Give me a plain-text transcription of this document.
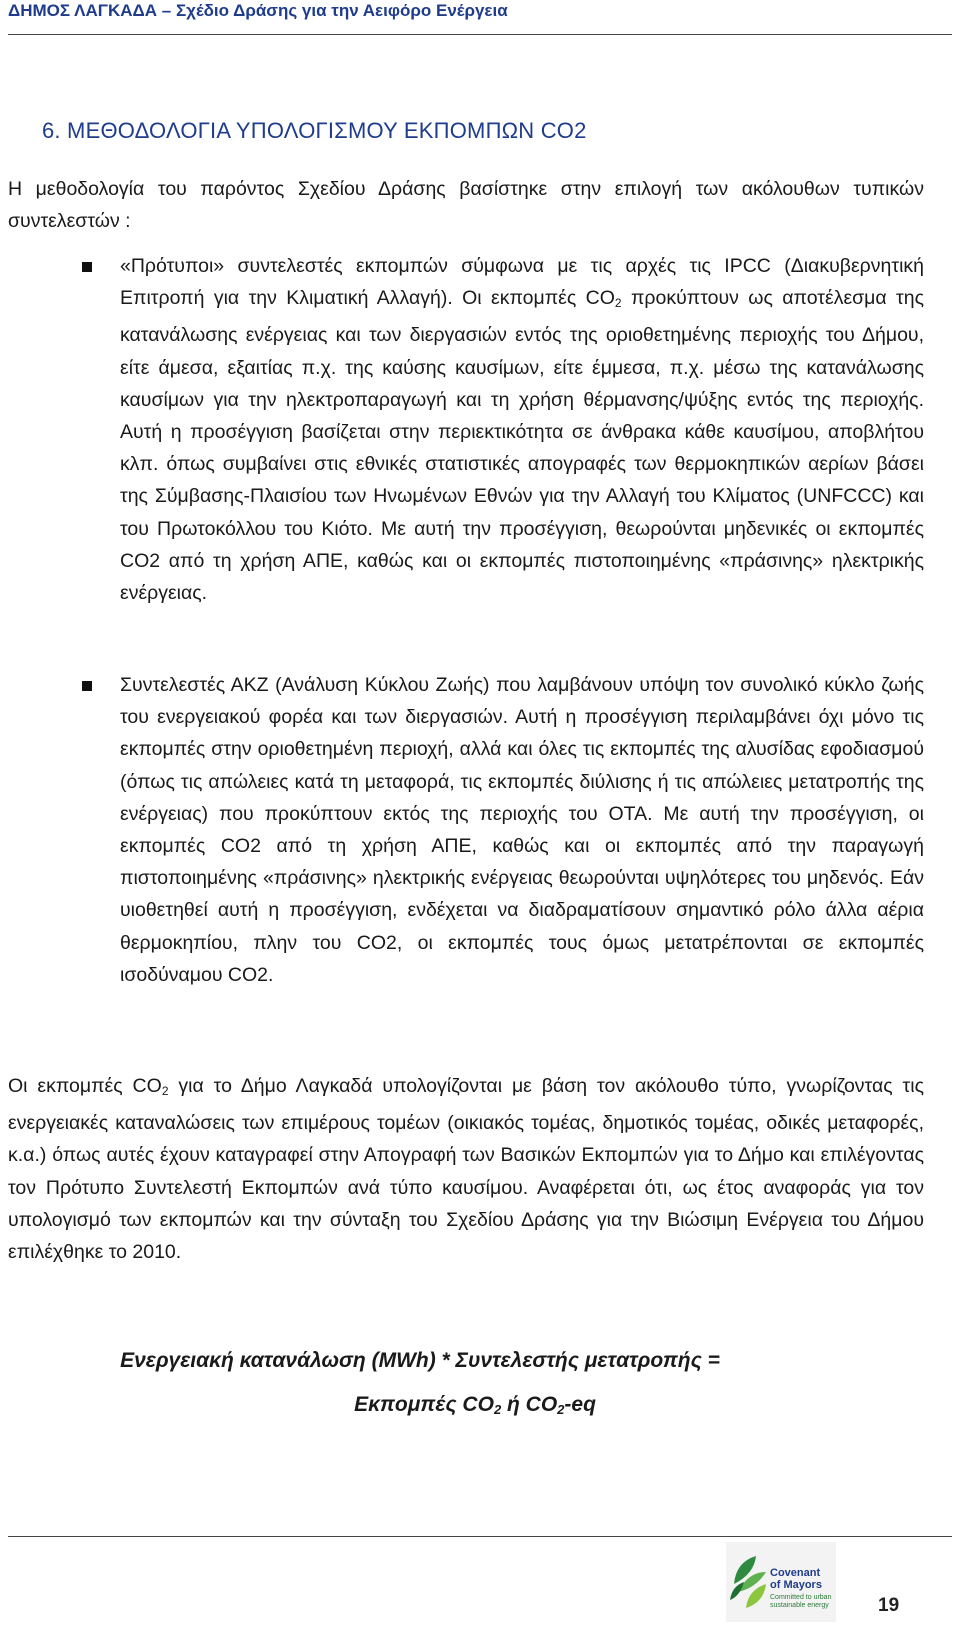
ΔΗΜΟΣ ΛΑΓΚΑΔΑ – Σχέδιο Δράσης για την Αειφόρο Ενέργεια
6. ΜΕΘΟΔΟΛΟΓΙΑ ΥΠΟΛΟΓΙΣΜΟΥ ΕΚΠΟΜΠΩΝ CO2
Η μεθοδολογία του παρόντος Σχεδίου Δράσης βασίστηκε στην επιλογή των ακόλουθων τυπικών συντελεστών :
«Πρότυποι» συντελεστές εκπομπών σύμφωνα με τις αρχές τις IPCC (Διακυβερνητική Επιτροπή για την Κλιματική Αλλαγή). Οι εκπομπές $CO_2$ προκύπτουν ως αποτέλεσμα της κατανάλωσης ενέργειας και των διεργασιών εντός της οριοθετημένης περιοχής του Δήμου, είτε άμεσα, εξαιτίας π.χ. της καύσης καυσίμων, είτε έμμεσα, π.χ. μέσω της κατανάλωσης καυσίμων για την ηλεκτροπαραγωγή και τη χρήση θέρμανσης/ψύξης εντός της περιοχής. Αυτή η προσέγγιση βασίζεται στην περιεκτικότητα σε άνθρακα κάθε καυσίμου, αποβλήτου κλπ. όπως συμβαίνει στις εθνικές στατιστικές απογραφές των θερμοκηπικών αερίων βάσει της Σύμβασης-Πλαισίου των Ηνωμένων Εθνών για την Αλλαγή του Κλίματος (UNFCCC) και του Πρωτοκόλλου του Κιότο. Με αυτή την προσέγγιση, θεωρούνται μηδενικές οι εκπομπές CO2 από τη χρήση ΑΠΕ, καθώς και οι εκπομπές πιστοποιημένης «πράσινης» ηλεκτρικής ενέργειας.
Συντελεστές ΑΚΖ (Ανάλυση Κύκλου Ζωής) που λαμβάνουν υπόψη τον συνολικό κύκλο ζωής του ενεργειακού φορέα και των διεργασιών. Αυτή η προσέγγιση περιλαμβάνει όχι μόνο τις εκπομπές στην οριοθετημένη περιοχή, αλλά και όλες τις εκπομπές της αλυσίδας εφοδιασμού (όπως τις απώλειες κατά τη μεταφορά, τις εκπομπές διύλισης ή τις απώλειες μετατροπής της ενέργειας) που προκύπτουν εκτός της περιοχής του ΟΤΑ. Με αυτή την προσέγγιση, οι εκπομπές CO2 από τη χρήση ΑΠΕ, καθώς και οι εκπομπές από την παραγωγή πιστοποιημένης «πράσινης» ηλεκτρικής ενέργειας θεωρούνται υψηλότερες του μηδενός. Εάν υιοθετηθεί αυτή η προσέγγιση, ενδέχεται να διαδραματίσουν σημαντικό ρόλο άλλα αέρια θερμοκηπίου, πλην του CO2, οι εκπομπές τους όμως μετατρέπονται σε εκπομπές ισοδύναμου CO2.
Οι εκπομπές $CO_2$ για το Δήμο Λαγκαδά υπολογίζονται με βάση τον ακόλουθο τύπο, γνωρίζοντας τις ενεργειακές καταναλώσεις των επιμέρους τομέων (οικιακός τομέας, δημοτικός τομέας, οδικές μεταφορές, κ.α.) όπως αυτές έχουν καταγραφεί στην Απογραφή των Βασικών Εκπομπών για το Δήμο και επιλέγοντας τον Πρότυπο Συντελεστή Εκπομπών ανά τύπο καυσίμου. Αναφέρεται ότι, ως έτος αναφοράς για τον υπολογισμό των εκπομπών και την σύνταξη του Σχεδίου Δράσης για την Βιώσιμη Ενέργεια του Δήμου επιλέχθηκε το 2010.
Ενεργειακή κατανάλωση (MWh) * Συντελεστής μετατροπής =
Εκπομπές $CO_2$ ή $CO_2-eq$
Covenant
of Mayors
Committed to urban
sustainable energy	19
